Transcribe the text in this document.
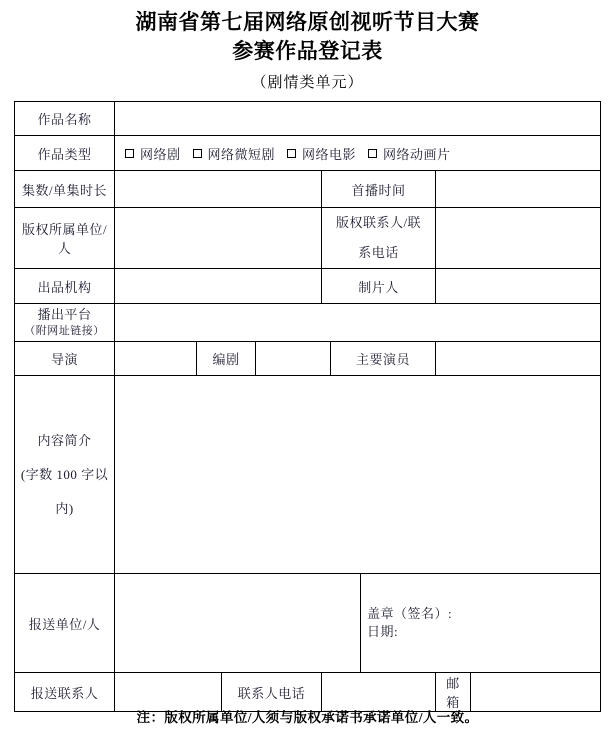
湖南省第七届网络原创视听节目大赛
参赛作品登记表
（剧情类单元）
作品名称									
作品类型	网络剧 网络微短剧 网络电影 网络动画片								

集数/单集时长					首播时间				
版权所属单位/人					版权联系人/联
系电话				

出品机构					制片人				

播出平台
（附网址链接）									

导演		编剧				主要演员			

内容简介
(字数 100 字以内)									

报送单位/人							盖章（签名）:
日期:		

报送联系人			联系人电话					邮箱	
注：版权所属单位/人须与版权承诺书承诺单位/人一致。
